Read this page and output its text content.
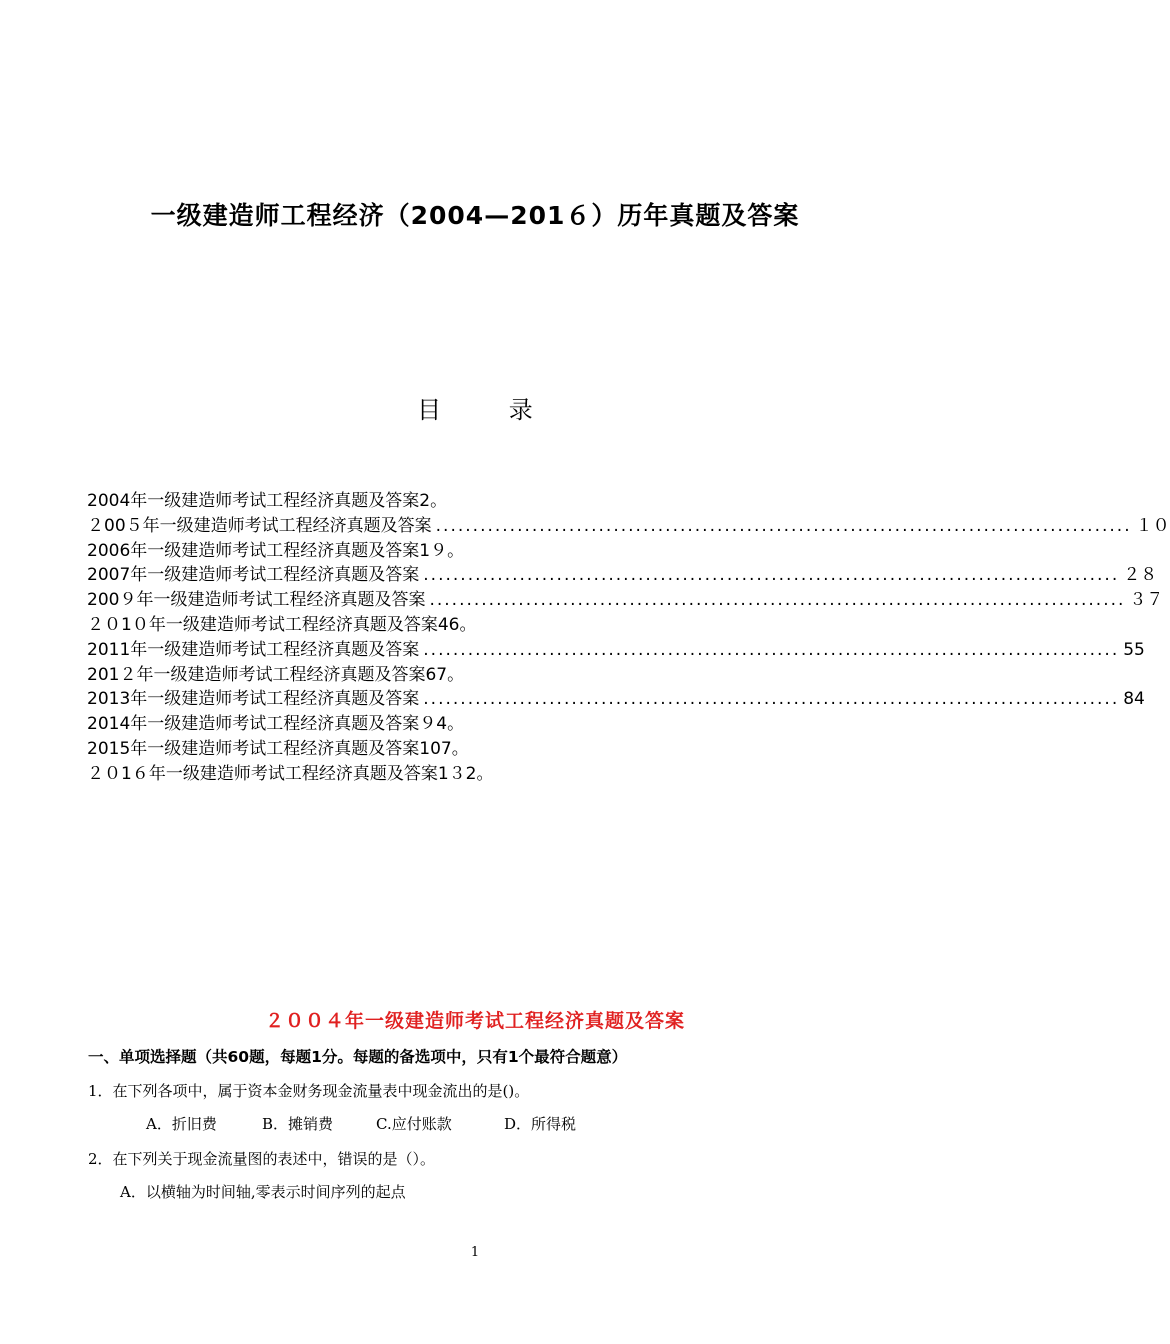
一级建造师工程经济（2004—201６）历年真题及答案
目 录
2004年一级建造师考试工程经济真题及答案2。
２00５年一级建造师考试工程经济真题及答案 .............................................................................................. １０
2006年一级建造师考试工程经济真题及答案1９。
2007年一级建造师考试工程经济真题及答案 .............................................................................................. ２８
200９年一级建造师考试工程经济真题及答案 .............................................................................................. ３７
２０1０年一级建造师考试工程经济真题及答案46。
2011年一级建造师考试工程经济真题及答案 .............................................................................................. 55
201２年一级建造师考试工程经济真题及答案67。
2013年一级建造师考试工程经济真题及答案 .............................................................................................. 84
2014年一级建造师考试工程经济真题及答案９4。
2015年一级建造师考试工程经济真题及答案107。
２０1６年一级建造师考试工程经济真题及答案1３2。
２００４年一级建造师考试工程经济真题及答案
一、单项选择题（共60题，每题1分。每题的备选项中，只有1个最符合题意）
1．在下列各项中，属于资本金财务现金流量表中现金流出的是()。
A．折旧费	B．摊销费	C.应付账款	D．所得税
2．在下列关于现金流量图的表述中，错误的是（）。
A．以横轴为时间轴,零表示时间序列的起点
1
